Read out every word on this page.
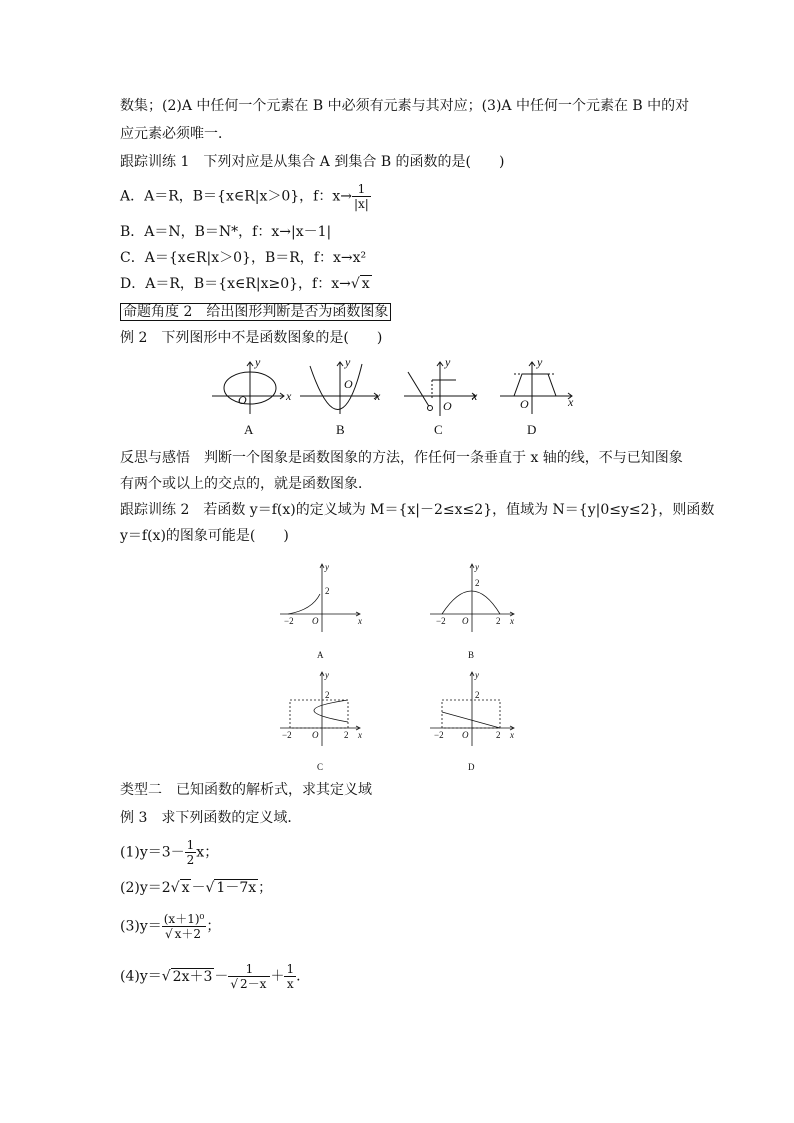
数集；(2)A 中任何一个元素在 B 中必须有元素与其对应；(3)A 中任何一个元素在 B 中的对
应元素必须唯一．
跟踪训练 1　下列对应是从集合 A 到集合 B 的函数的是(　　)
A．A＝R，B＝{x∈R|x＞0}，f：$x\to \frac{1}{|x|}$
B．A＝N，B＝N*，f：x→|x－1|
C．A＝{x∈R|x＞0}，B＝R，f：x→x²
D．A＝R，B＝{x∈R|x≥0}，f：x→√ x
命题角度 2　给出图形判断是否为函数图象
例 2　下列图形中不是函数图象的是(　　)
y
x
O
A
y
x
O
B
y
x
O
C
y
x
O
D
反思与感悟　判断一个图象是函数图象的方法，作任何一条垂直于 x 轴的线，不与已知图象
有两个或以上的交点的，就是函数图象．
跟踪训练 2　若函数 y＝f(x)的定义域为 M＝{x|－2≤x≤2}，值域为 N＝{y|0≤y≤2}，则函数
y＝f(x)的图象可能是(　　)
y
x
O
−2
2
A
y
x
O
−2	2
2
B
y
x
O
−2	2
2
C
y
x
O
−2	2
2
D
类型二　已知函数的解析式，求其定义域
例 3　求下列函数的定义域．
$(1)y=3- \frac{1}{2}$ x；
(2)y＝2√ x －√ 1－7x ；
$(3)y= \frac{\text{(x＋1)⁰}}{√ x+2}$ ；
(4)y＝√ $2x+3 - \frac{1}{√ 2-x} + \frac{1}{x}$ .
